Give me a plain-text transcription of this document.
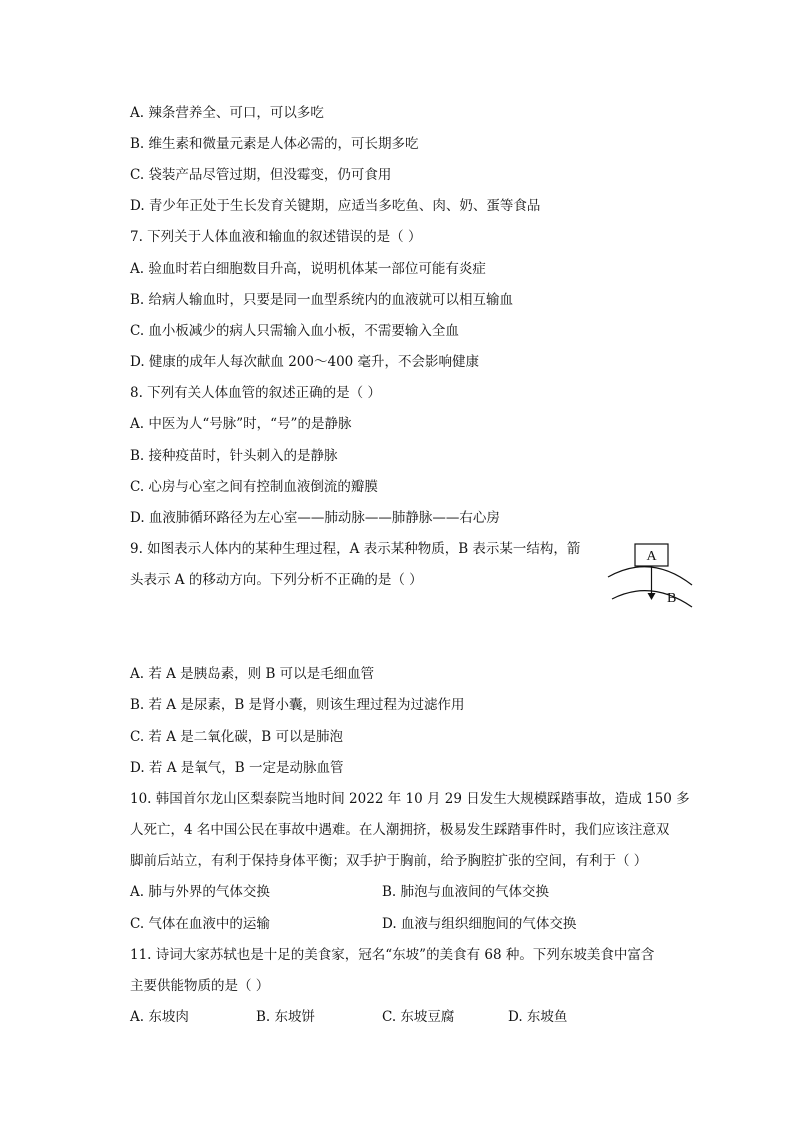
A. 辣条营养全、可口，可以多吃
B. 维生素和微量元素是人体必需的，可长期多吃
C. 袋装产品尽管过期，但没霉变，仍可食用
D. 青少年正处于生长发育关键期，应适当多吃鱼、肉、奶、蛋等食品
7. 下列关于人体血液和输血的叙述错误的是（ ）
A. 验血时若白细胞数目升高，说明机体某一部位可能有炎症
B. 给病人输血时，只要是同一血型系统内的血液就可以相互输血
C. 血小板减少的病人只需输入血小板，不需要输入全血
D. 健康的成年人每次献血 200～400 毫升，不会影响健康
8. 下列有关人体血管的叙述正确的是（ ）
A. 中医为人“号脉”时，“号”的是静脉
B. 接种疫苗时，针头刺入的是静脉
C. 心房与心室之间有控制血液倒流的瓣膜
D. 血液肺循环路径为左心室——肺动脉——肺静脉——右心房
9. 如图表示人体内的某种生理过程，A 表示某种物质，B 表示某一结构，箭
头表示 A 的移动方向。下列分析不正确的是（ ）
A
B
A. 若 A 是胰岛素，则 B 可以是毛细血管
B. 若 A 是尿素，B 是肾小囊，则该生理过程为过滤作用
C. 若 A 是二氧化碳，B 可以是肺泡
D. 若 A 是氧气，B 一定是动脉血管
10. 韩国首尔龙山区梨泰院当地时间 2022 年 10 月 29 日发生大规模踩踏事故，造成 150 多
人死亡，4 名中国公民在事故中遇难。在人潮拥挤，极易发生踩踏事件时，我们应该注意双
脚前后站立，有利于保持身体平衡；双手护于胸前，给予胸腔扩张的空间，有利于（ ）
A. 肺与外界的气体交换	B. 肺泡与血液间的气体交换
C. 气体在血液中的运输	D. 血液与组织细胞间的气体交换
11. 诗词大家苏轼也是十足的美食家，冠名“东坡”的美食有 68 种。下列东坡美食中富含
主要供能物质的是（ ）
A. 东坡肉	B. 东坡饼	C. 东坡豆腐	D. 东坡鱼
